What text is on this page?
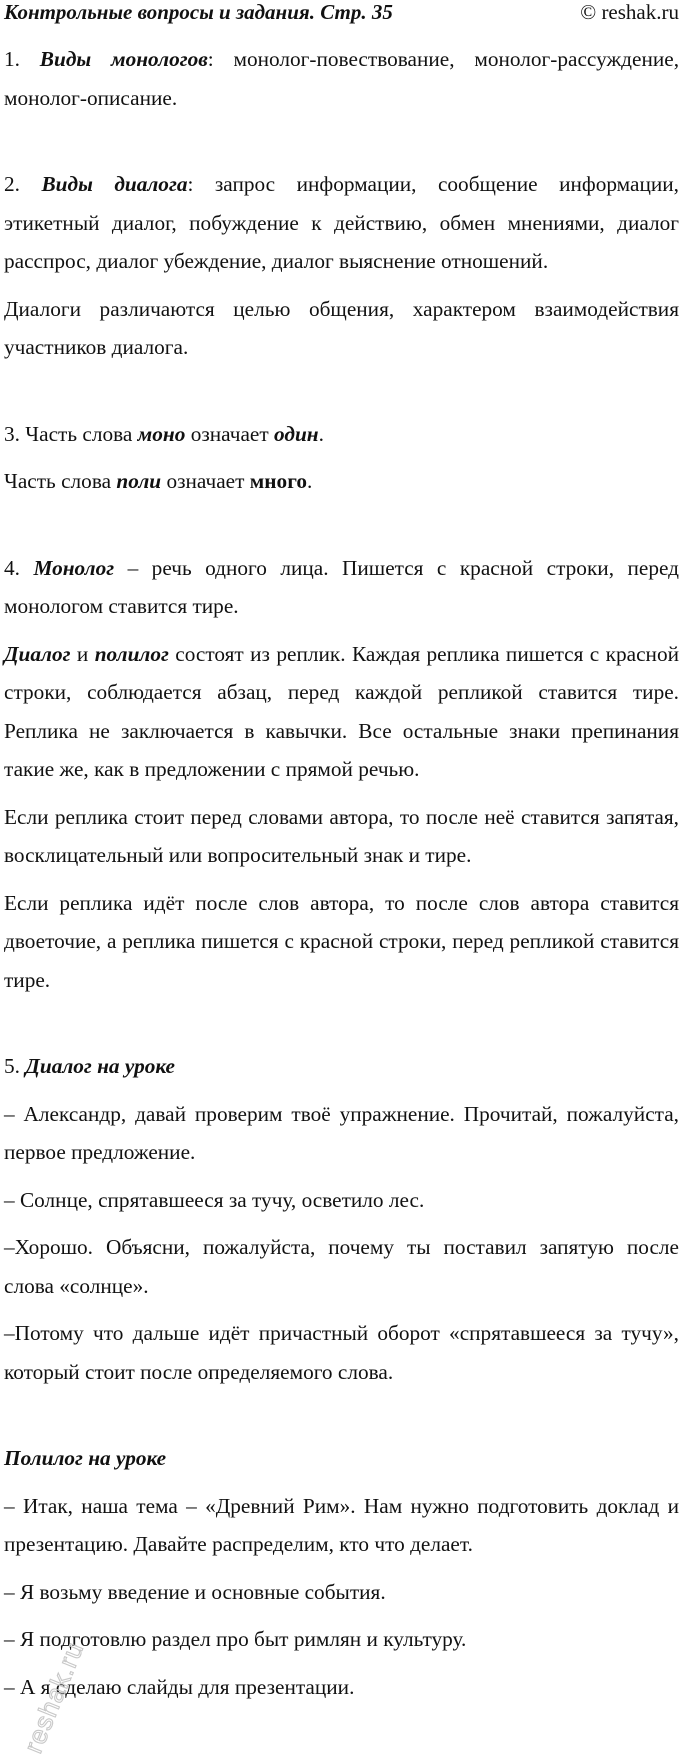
Контрольные вопросы и задания. Стр. 35	© reshak.ru

1. Виды монологов: монолог-повествование, монолог-рассуждение, монолог-описание.

2. Виды диалога: запрос информации, сообщение информации, этикетный диалог, побуждение к действию, обмен мнениями, диалог расспрос, диалог убеждение, диалог выяснение отношений.

Диалоги различаются целью общения, характером взаимодействия участников диалога.

3. Часть слова моно означает один.

Часть слова поли означает много.

4. Монолог – речь одного лица. Пишется с красной строки, перед монологом ставится тире.

Диалог и полилог состоят из реплик. Каждая реплика пишется с красной строки, соблюдается абзац, перед каждой репликой ставится тире. Реплика не заключается в кавычки. Все остальные знаки препинания такие же, как в предложении с прямой речью.

Если реплика стоит перед словами автора, то после неё ставится запятая, восклицательный или вопросительный знак и тире.

Если реплика идёт после слов автора, то после слов автора ставится двоеточие, а реплика пишется с красной строки, перед репликой ставится тире.

5. Диалог на уроке

– Александр, давай проверим твоё упражнение. Прочитай, пожалуйста, первое предложение.

– Солнце, спрятавшееся за тучу, осветило лес.

–Хорошо. Объясни, пожалуйста, почему ты поставил запятую после слова «солнце».

–Потому что дальше идёт причастный оборот «спрятавшееся за тучу», который стоит после определяемого слова.

Полилог на уроке

– Итак, наша тема – «Древний Рим». Нам нужно подготовить доклад и презентацию. Давайте распределим, кто что делает.

– Я возьму введение и основные события.

– Я подготовлю раздел про быт римлян и культуру.

– А я сделаю слайды для презентации.

reshak.ru
